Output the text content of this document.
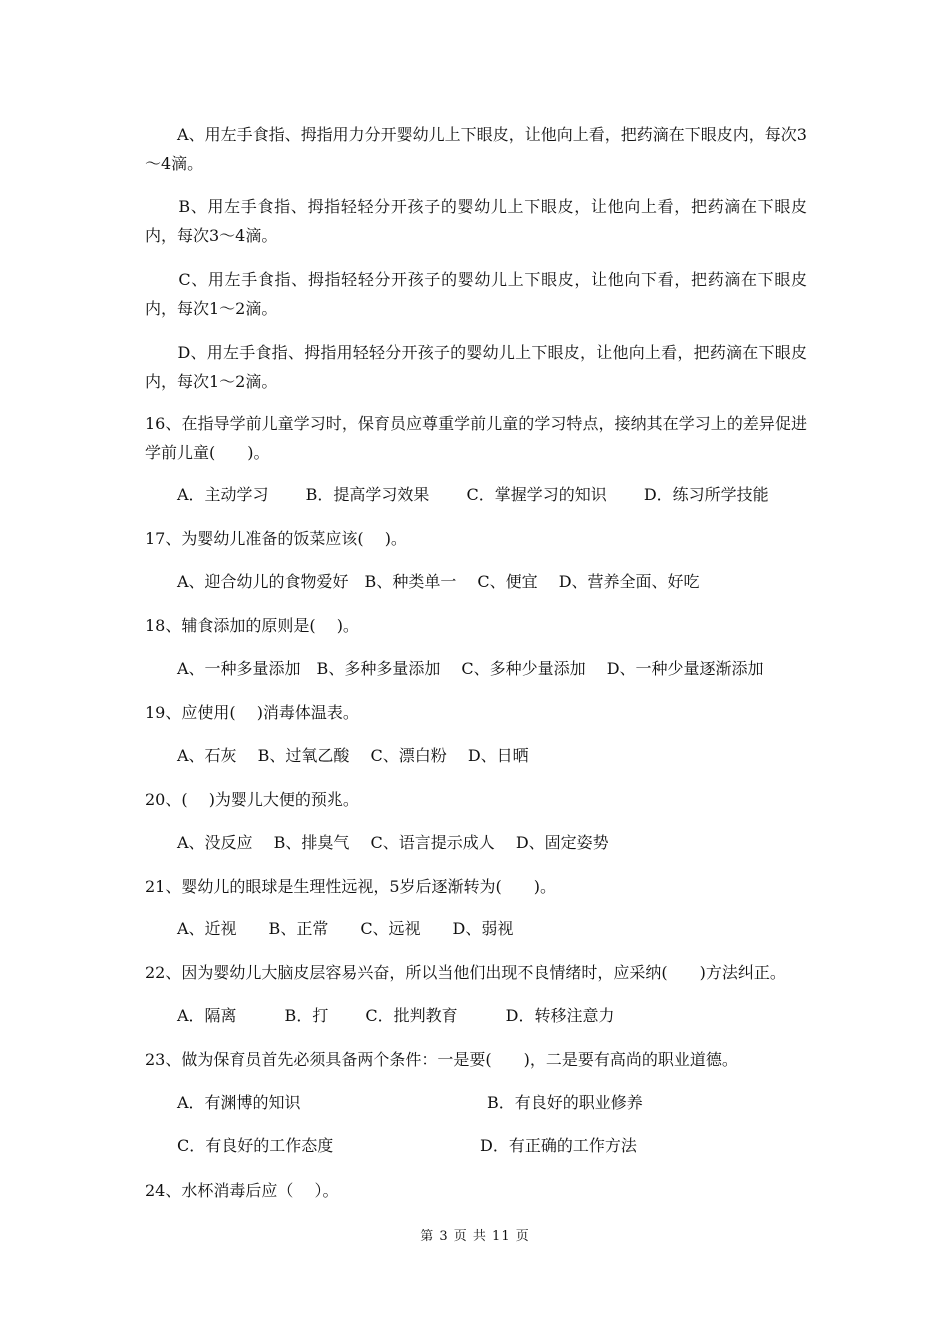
　　A、用左手食指、拇指用力分开婴幼儿上下眼皮，让他向上看，把药滴在下眼皮内，每次3～4滴。

　　B、用左手食指、拇指轻轻分开孩子的婴幼儿上下眼皮，让他向上看，把药滴在下眼皮内，每次3～4滴。

　　C、用左手食指、拇指轻轻分开孩子的婴幼儿上下眼皮，让他向下看，把药滴在下眼皮内，每次1～2滴。

　　D、用左手食指、拇指用轻轻分开孩子的婴幼儿上下眼皮，让他向上看，把药滴在下眼皮内，每次1～2滴。

16、在指导学前儿童学习时，保育员应尊重学前儿童的学习特点，接纳其在学习上的差异促进学前儿童(　　)。

A．主动学习　　 B．提高学习效果　　 C．掌握学习的知识　　 D．练习所学技能

17、为婴幼儿准备的饭菜应该(　 )。

A、迎合幼儿的食物爱好　B、种类单一　 C、便宜　 D、营养全面、好吃

18、辅食添加的原则是(　 )。

A、一种多量添加　B、多种多量添加　 C、多种少量添加　 D、一种少量逐渐添加

19、应使用(　 )消毒体温表。

A、石灰　 B、过氧乙酸　 C、漂白粉　 D、日晒

20、(　 )为婴儿大便的预兆。

A、没反应　 B、排臭气　 C、语言提示成人　 D、固定姿势

21、婴幼儿的眼球是生理性远视，5岁后逐渐转为(　　)。

A、近视　　B、正常　　C、远视　　D、弱视

22、因为婴幼儿大脑皮层容易兴奋，所以当他们出现不良情绪时，应采纳(　　)方法纠正。

A．隔离　　　B．打　　 C．批判教育　　　D．转移注意力

23、做为保育员首先必须具备两个条件：一是要(　　)，二是要有高尚的职业道德。

A．有渊博的知识	B．有良好的职业修养

C．有良好的工作态度	D．有正确的工作方法

24、水杯消毒后应（　 ）。

第 3 页 共 11 页
